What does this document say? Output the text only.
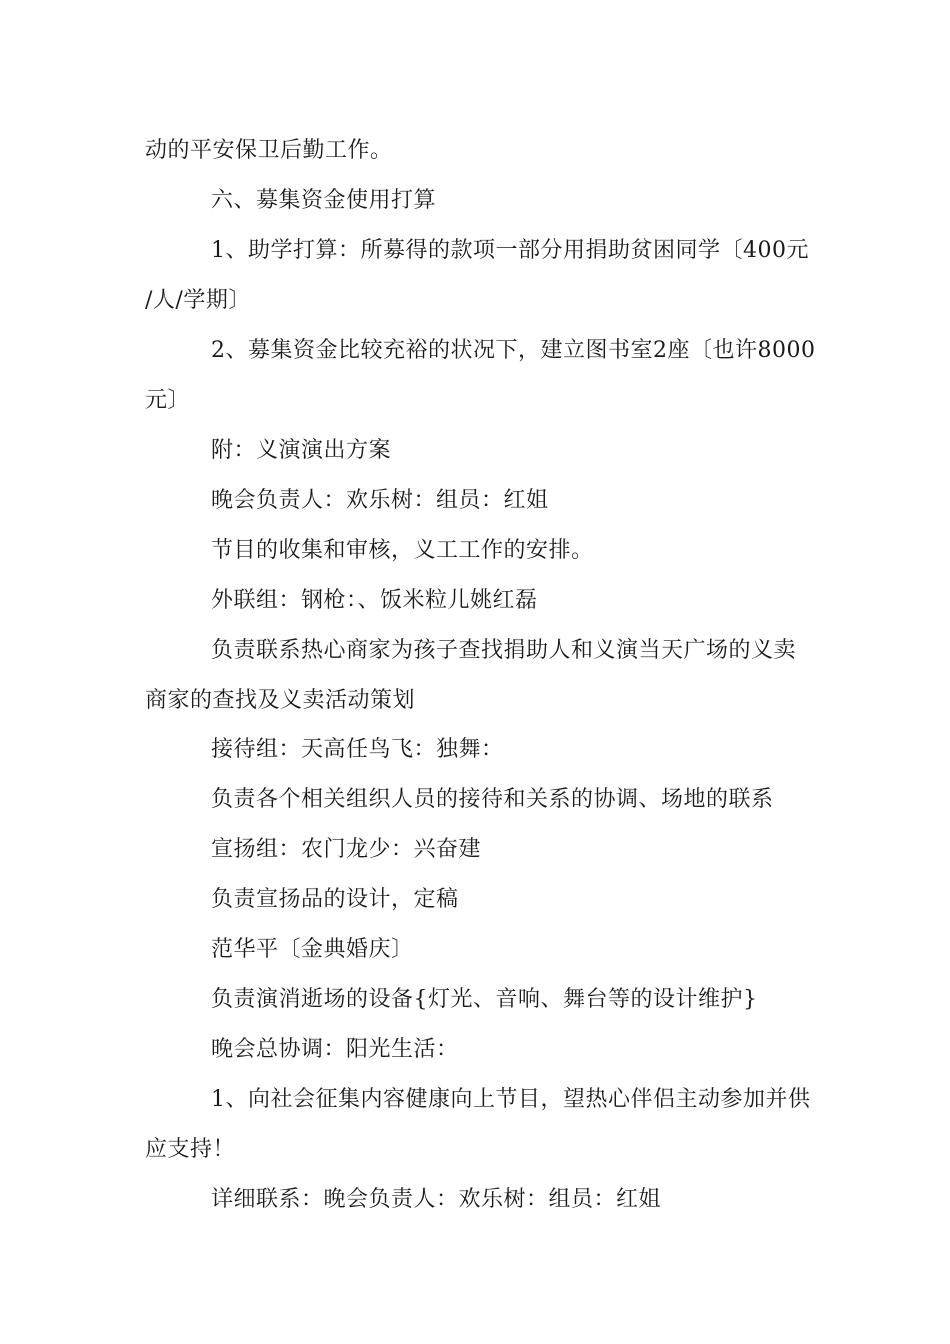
动的平安保卫后勤工作。
六、募集资金使用打算
1、助学打算：所募得的款项一部分用捐助贫困同学〔400元
/人/学期〕
2、募集资金比较充裕的状况下，建立图书室2座〔也许8000
元〕
附：义演演出方案
晚会负责人：欢乐树：组员：红姐
节目的收集和审核，义工工作的安排。
外联组：钢枪：、饭米粒儿姚红磊
负责联系热心商家为孩子查找捐助人和义演当天广场的义卖
商家的查找及义卖活动策划
接待组：天高任鸟飞：独舞：
负责各个相关组织人员的接待和关系的协调、场地的联系
宣扬组：农门龙少：兴奋建
负责宣扬品的设计，定稿
范华平〔金典婚庆〕
负责演消逝场的设备{灯光、音响、舞台等的设计维护}
晚会总协调：阳光生活：
1、向社会征集内容健康向上节目，望热心伴侣主动参加并供
应支持！
详细联系：晚会负责人：欢乐树：组员：红姐
